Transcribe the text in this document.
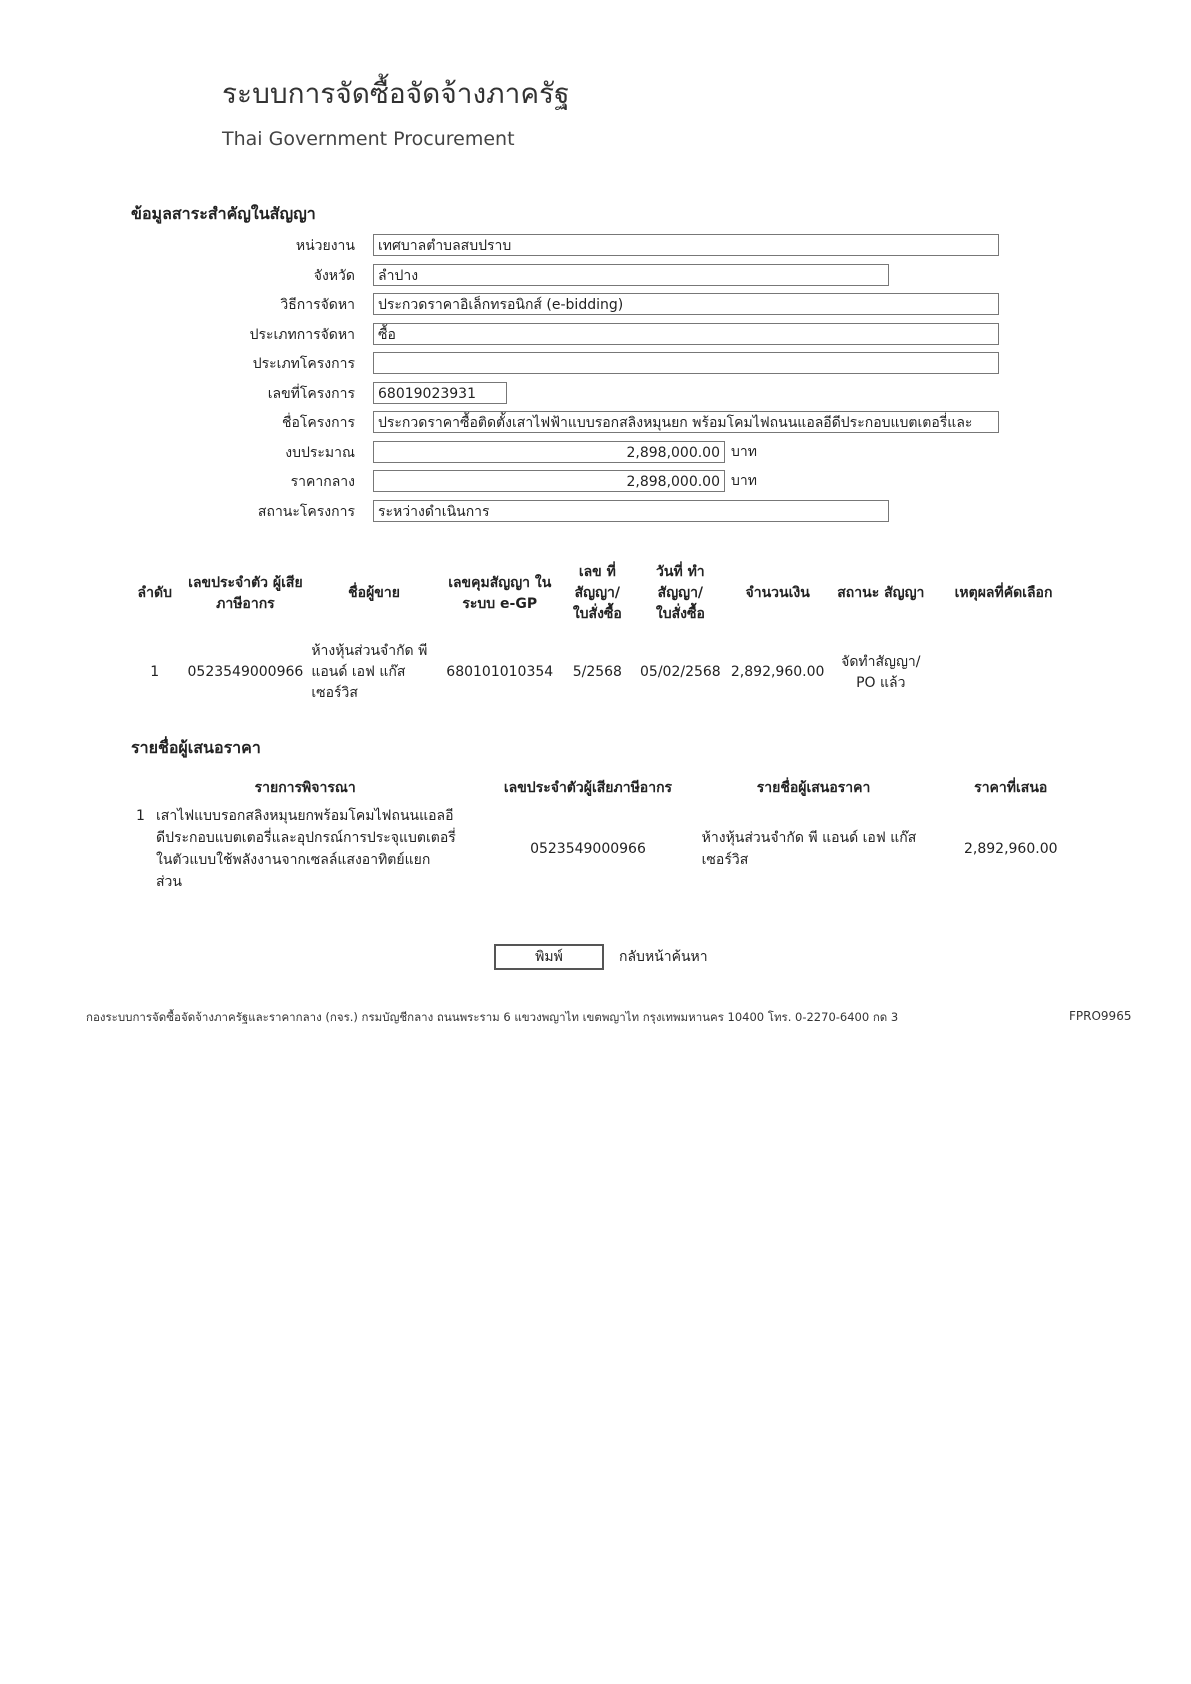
ระบบการจัดซื้อจัดจ้างภาครัฐ
Thai Government Procurement
ข้อมูลสาระสำคัญในสัญญา
หน่วยงาน	เทศบาลตำบลสบปราบ
จังหวัด	ลำปาง
วิธีการจัดหา	ประกวดราคาอิเล็กทรอนิกส์ (e-bidding)
ประเภทการจัดหา	ซื้อ
ประเภทโครงการ
เลขที่โครงการ	68019023931
ชื่อโครงการ	ประกวดราคาซื้อติดตั้งเสาไฟฟ้าแบบรอกสลิงหมุนยก พร้อมโคมไฟถนนแอลอีดีประกอบแบตเตอรี่และ
งบประมาณ	2,898,000.00 บาท
ราคากลาง	2,898,000.00 บาท
สถานะโครงการ	ระหว่างดำเนินการ
ลำดับ	เลขประจำตัว ผู้เสียภาษีอากร	ชื่อผู้ขาย	เลขคุมสัญญา ในระบบ e-GP	เลข ที่สัญญา/ ใบสั่งซื้อ	วันที่ ทำสัญญา/ ใบสั่งซื้อ	จำนวนเงิน	สถานะ สัญญา	เหตุผลที่คัดเลือก
1	0523549000966	ห้างหุ้นส่วนจำกัด พี แอนด์ เอฟ แก๊ส เซอร์วิส	680101010354	5/2568	05/02/2568	2,892,960.00	จัดทำสัญญา/ PO แล้ว	
รายชื่อผู้เสนอราคา
รายการพิจารณา	เลขประจำตัวผู้เสียภาษีอากร	รายชื่อผู้เสนอราคา	ราคาที่เสนอ

1 เสาไฟแบบรอกสลิงหมุนยกพร้อมโคมไฟถนนแอลอีดีประกอบแบตเตอรี่และอุปกรณ์การประจุแบตเตอรี่ในตัวแบบใช้พลังงานจากเซลล์แสงอาทิตย์แยกส่วน	0523549000966	ห้างหุ้นส่วนจำกัด พี แอนด์ เอฟ แก๊ส เซอร์วิส	2,892,960.00
พิมพ์	กลับหน้าค้นหา
กองระบบการจัดซื้อจัดจ้างภาครัฐและราคากลาง (กจร.) กรมบัญชีกลาง ถนนพระราม 6 แขวงพญาไท เขตพญาไท กรุงเทพมหานคร 10400 โทร. 0-2270-6400 กด 3	FPRO9965
